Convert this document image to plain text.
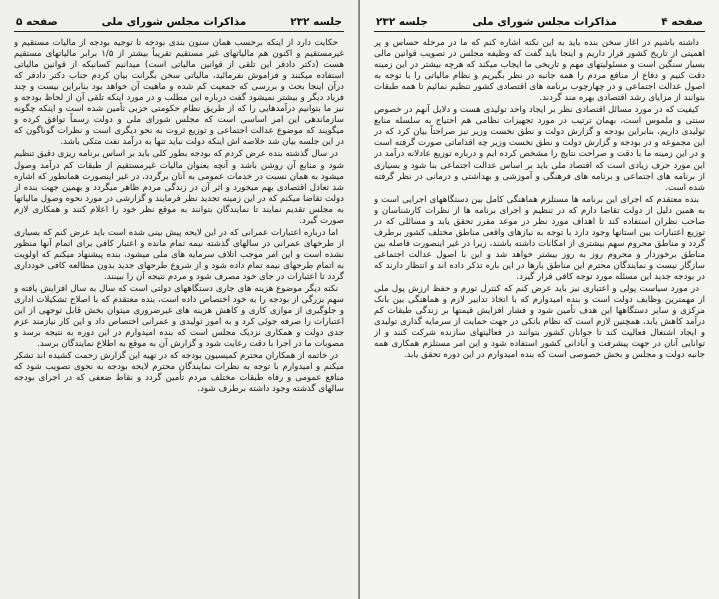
جلسه ۲۳۲
مذاکرات مجلس شورای ملی
صفحه ۵

حکایت دارد از اینکه برحسب همان سنون بندی بودجه تا توجیه بودجه از مالیات مستقیم و غیرمستقیم و اکنون هم مالیاتهای غیر مستقیم تقریباً بیشتر از ۱/۵ برابر مالیاتهای مستقیم هست (دکتر دادفر این تلقی از قوانین مالیاتی است) میدانیم کسانیکه از قوانین مالیاتی استفاده میکنند و فراموش نفرمائید، مالیاتی سخن بگرانت بیان کردم جناب دکتر دادفر که درآن اینجا بحث و بررسی که جمعیت کم شده و ماهیت آن خواهد بود بنابراین بیست و چند فریاد دیگر و بیشتر نمیشود گفت درباره این مطلب و در مورد اینکه تلقی آن از لحاظ بودجه و نیز ما بتوانیم درآمدهایی را که از طریق نظام حکومتی حزبی تأمین شده است و اینکه چگونه سازماندهی این امر اساسی است که مجلس شورای ملی و دولت رسماً توافق کرده و میگویند که موضوع عدالت اجتماعی و توزیع ثروت به نحو دیگری است و نظرات گوناگون که در این جلسه بیان شد خلاصه اش اینکه دولت نباید تنها به درآمد نفت متکی باشد.

در سال گذشته بنده عرض کردم که بودجه بطور کلی باید بر اساس برنامه ریزی دقیق تنظیم شود و منابع آن روشن باشد و آنچه بعنوان مالیات غیرمستقیم از طبقات کم درآمد وصول میشود به همان نسبت در خدمات عمومی به آنان برگردد، در غیر اینصورت همانطور که اشاره شد تعادل اقتصادی بهم میخورد و اثر آن در زندگی مردم ظاهر میگردد و بهمین جهت بنده از دولت تقاضا میکنم که در این زمینه تجدید نظر فرمایند و گزارشی در مورد نحوه وصول مالیاتها به مجلس تقدیم نمایند تا نمایندگان بتوانند به موقع نظر خود را اعلام کنند و همکاری لازم صورت گیرد.

اما درباره اعتبارات عمرانی که در این لایحه پیش بینی شده است باید عرض کنم که بسیاری از طرحهای عمرانی در سالهای گذشته نیمه تمام مانده و اعتبار کافی برای اتمام آنها منظور نشده است و این امر موجب اتلاف سرمایه های ملی میشود، بنده پیشنهاد میکنم که اولویت به اتمام طرحهای نیمه تمام داده شود و از شروع طرحهای جدید بدون مطالعه کافی خودداری گردد تا اعتبارات در جای خود مصرف شود و مردم نتیجه آن را ببینند.

نکته دیگر موضوع هزینه های جاری دستگاههای دولتی است که سال به سال افزایش یافته و سهم بزرگی از بودجه را به خود اختصاص داده است، بنده معتقدم که با اصلاح تشکیلات اداری و جلوگیری از موازی کاری و کاهش هزینه های غیرضروری میتوان بخش قابل توجهی از این اعتبارات را صرفه جوئی کرد و به امور تولیدی و عمرانی اختصاص داد و این کار نیازمند عزم جدی دولت و همکاری نزدیک مجلس است که بنده امیدوارم در این دوره به نتیجه برسد و مصوبات ما در اجرا با دقت رعایت شود و گزارش آن به موقع به اطلاع نمایندگان برسد.

در خاتمه از همکاران محترم کمیسیون بودجه که در تهیه این گزارش زحمت کشیده اند تشکر میکنم و امیدوارم با توجه به نظرات نمایندگان محترم لایحه بودجه به نحوی تصویب شود که منافع عمومی و رفاه طبقات مختلف مردم تأمین گردد و نقاط ضعفی که در اجرای بودجه سالهای گذشته وجود داشته برطرف شود.

صفحه ۴
مذاکرات مجلس شورای ملی
جلسه ۲۳۲

داشته باشیم در آغاز سخن بنده باید به این نکته اشاره کنم که ما در مرحله حساس و پر اهمیتی از تاریخ کشور قرار داریم و اینجا باید گفت که وظیفه مجلس در تصویب قوانین مالی بسیار سنگین است و مسئولیتهای مهم و تاریخی ما ایجاب میکند که هرچه بیشتر در این زمینه دقت کنیم و دفاع از منافع مردم را همه جانبه در نظر بگیریم و نظام مالیاتی را با توجه به اصول عدالت اجتماعی و در چهارچوب برنامه های اقتصادی کشور تنظیم نمائیم تا همه طبقات بتوانند از مزایای رشد اقتصادی بهره مند گردند.

کیفیت که در مورد مسائل اقتصادی نظر بر ایجاد واحد تولیدی هست و دلایل آنهم در خصوص سنتی و ملموس است، بهمان ترتیب در مورد تجهیزات نظامی هم احتیاج به سلسله منابع تولیدی داریم، بنابراین بودجه و گزارش دولت و نطق نخست وزیر نیز صراحتاً بیان کرد که در این مجموعه و در بودجه و گزارش دولت و نطق نخست وزیر چه اقداماتی صورت گرفته است و در این زمینه ما با دقت و صراحت نتایج را مشخص کرده ایم و درباره توزیع عادلانه درآمد در این مورد حرف زیادی است که اقتصاد ملی باید بر اساس عدالت اجتماعی بنا شود و بسیاری از برنامه های اجتماعی و برنامه های فرهنگی و آموزشی و بهداشتی و درمانی در نظر گرفته شده است.

بنده معتقدم که اجرای این برنامه ها مستلزم هماهنگی کامل بین دستگاههای اجرایی است و به همین دلیل از دولت تقاضا دارم که در تنظیم و اجرای برنامه ها از نظرات کارشناسان و صاحب نظران استفاده کند تا اهداف مورد نظر در موعد مقرر تحقق یابد و مسائلی که در توزیع اعتبارات بین استانها وجود دارد با توجه به نیازهای واقعی مناطق مختلف کشور برطرف گردد و مناطق محروم سهم بیشتری از امکانات داشته باشند، زیرا در غیر اینصورت فاصله بین مناطق برخوردار و محروم روز به روز بیشتر خواهد شد و این با اصول عدالت اجتماعی سازگار نیست و نمایندگان محترم این مناطق بارها در این باره تذکر داده اند و انتظار دارند که در بودجه جدید این مسئله مورد توجه کافی قرار گیرد.

در مورد سیاست پولی و اعتباری نیز باید عرض کنم که کنترل تورم و حفظ ارزش پول ملی از مهمترین وظایف دولت است و بنده امیدوارم که با اتخاذ تدابیر لازم و هماهنگی بین بانک مرکزی و سایر دستگاهها این هدف تأمین شود و فشار افزایش قیمتها بر زندگی طبقات کم درآمد کاهش یابد، همچنین لازم است که نظام بانکی در جهت حمایت از سرمایه گذاری تولیدی و ایجاد اشتغال فعالیت کند تا جوانان کشور بتوانند در فعالیتهای سازنده شرکت کنند و از توانایی آنان در جهت پیشرفت و آبادانی کشور استفاده شود و این امر مستلزم همکاری همه جانبه دولت و مجلس و بخش خصوصی است که بنده امیدوارم در این دوره تحقق یابد.
